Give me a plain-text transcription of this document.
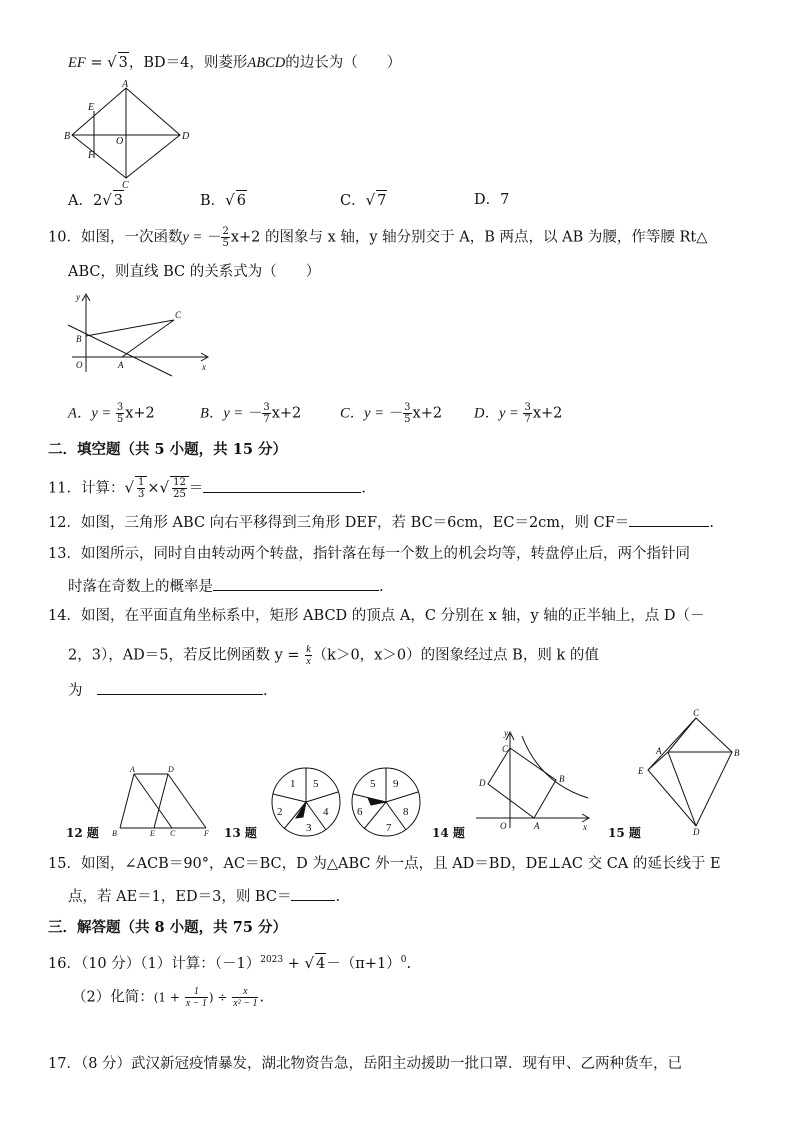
EF = √ 3，BD＝4，则菱形ABCD的边长为（　　）
A
B
C
D
E
F
O
A．2√ 3	B．√ 6	C．√ 7	D．7
10．如图，一次函数y = － $\frac{2}{5} x+2$ 的图象与 x 轴，y 轴分别交于 A，B 两点，以 AB 为腰，作等腰 Rt△
ABC，则直线 BC 的关系式为（　　）
y
x
O	A
B
C
A．$y = \frac{3}{5} x+2$	B．y = － $\frac{3}{7} x+2$	C．y = － $\frac{3}{5} x+2$ D．$y = \frac{3}{7} x+2$
二．填空题（共 5 小题，共 15 分）
11．计算：√ $\frac{1}{3}$ ×√ $\frac{12}{25}$ ＝	.
12．如图，三角形 ABC 向右平移得到三角形 DEF，若 BC＝6cm，EC＝2cm，则 CF＝	.
13．如图所示，同时自由转动两个转盘，指针落在每一个数上的机会均等，转盘停止后，两个指针同
时落在奇数上的概率是	.
14．如图，在平面直角坐标系中，矩形 ABCD 的顶点 A，C 分别在 x 轴，y 轴的正半轴上，点 D（－
2，3），AD＝5，若反比例函数 $y = \frac{k}{x} (k>0$，x＞0）的图象经过点 B，则 k 的值
为　	.
A	D
B	E C	F
12 题
1 5
4
3
2
5 9
8
7
6
13 题
y
x
C
D	B
O	A
14 题
C
A	B
E
D
15 题
15．如图，∠ACB＝90°，AC＝BC，D 为△ABC 外一点，且 AD＝BD，DE⊥AC 交 CA 的延长线于 E
点，若 AE＝1，ED＝3，则 BC＝	.
三．解答题（共 8 小题，共 75 分）
16．（10 分）（1）计算：$(-1)^{2023}$ + √ $4-(\pi+1)^0$.
（2）化简：($1 + \frac{1}{x - 1}$ ) ÷ $\frac{x}{\text{x² − 1}}$ .
17．（8 分）武汉新冠疫情暴发，湖北物资告急，岳阳主动援助一批口罩．现有甲、乙两种货车，已
